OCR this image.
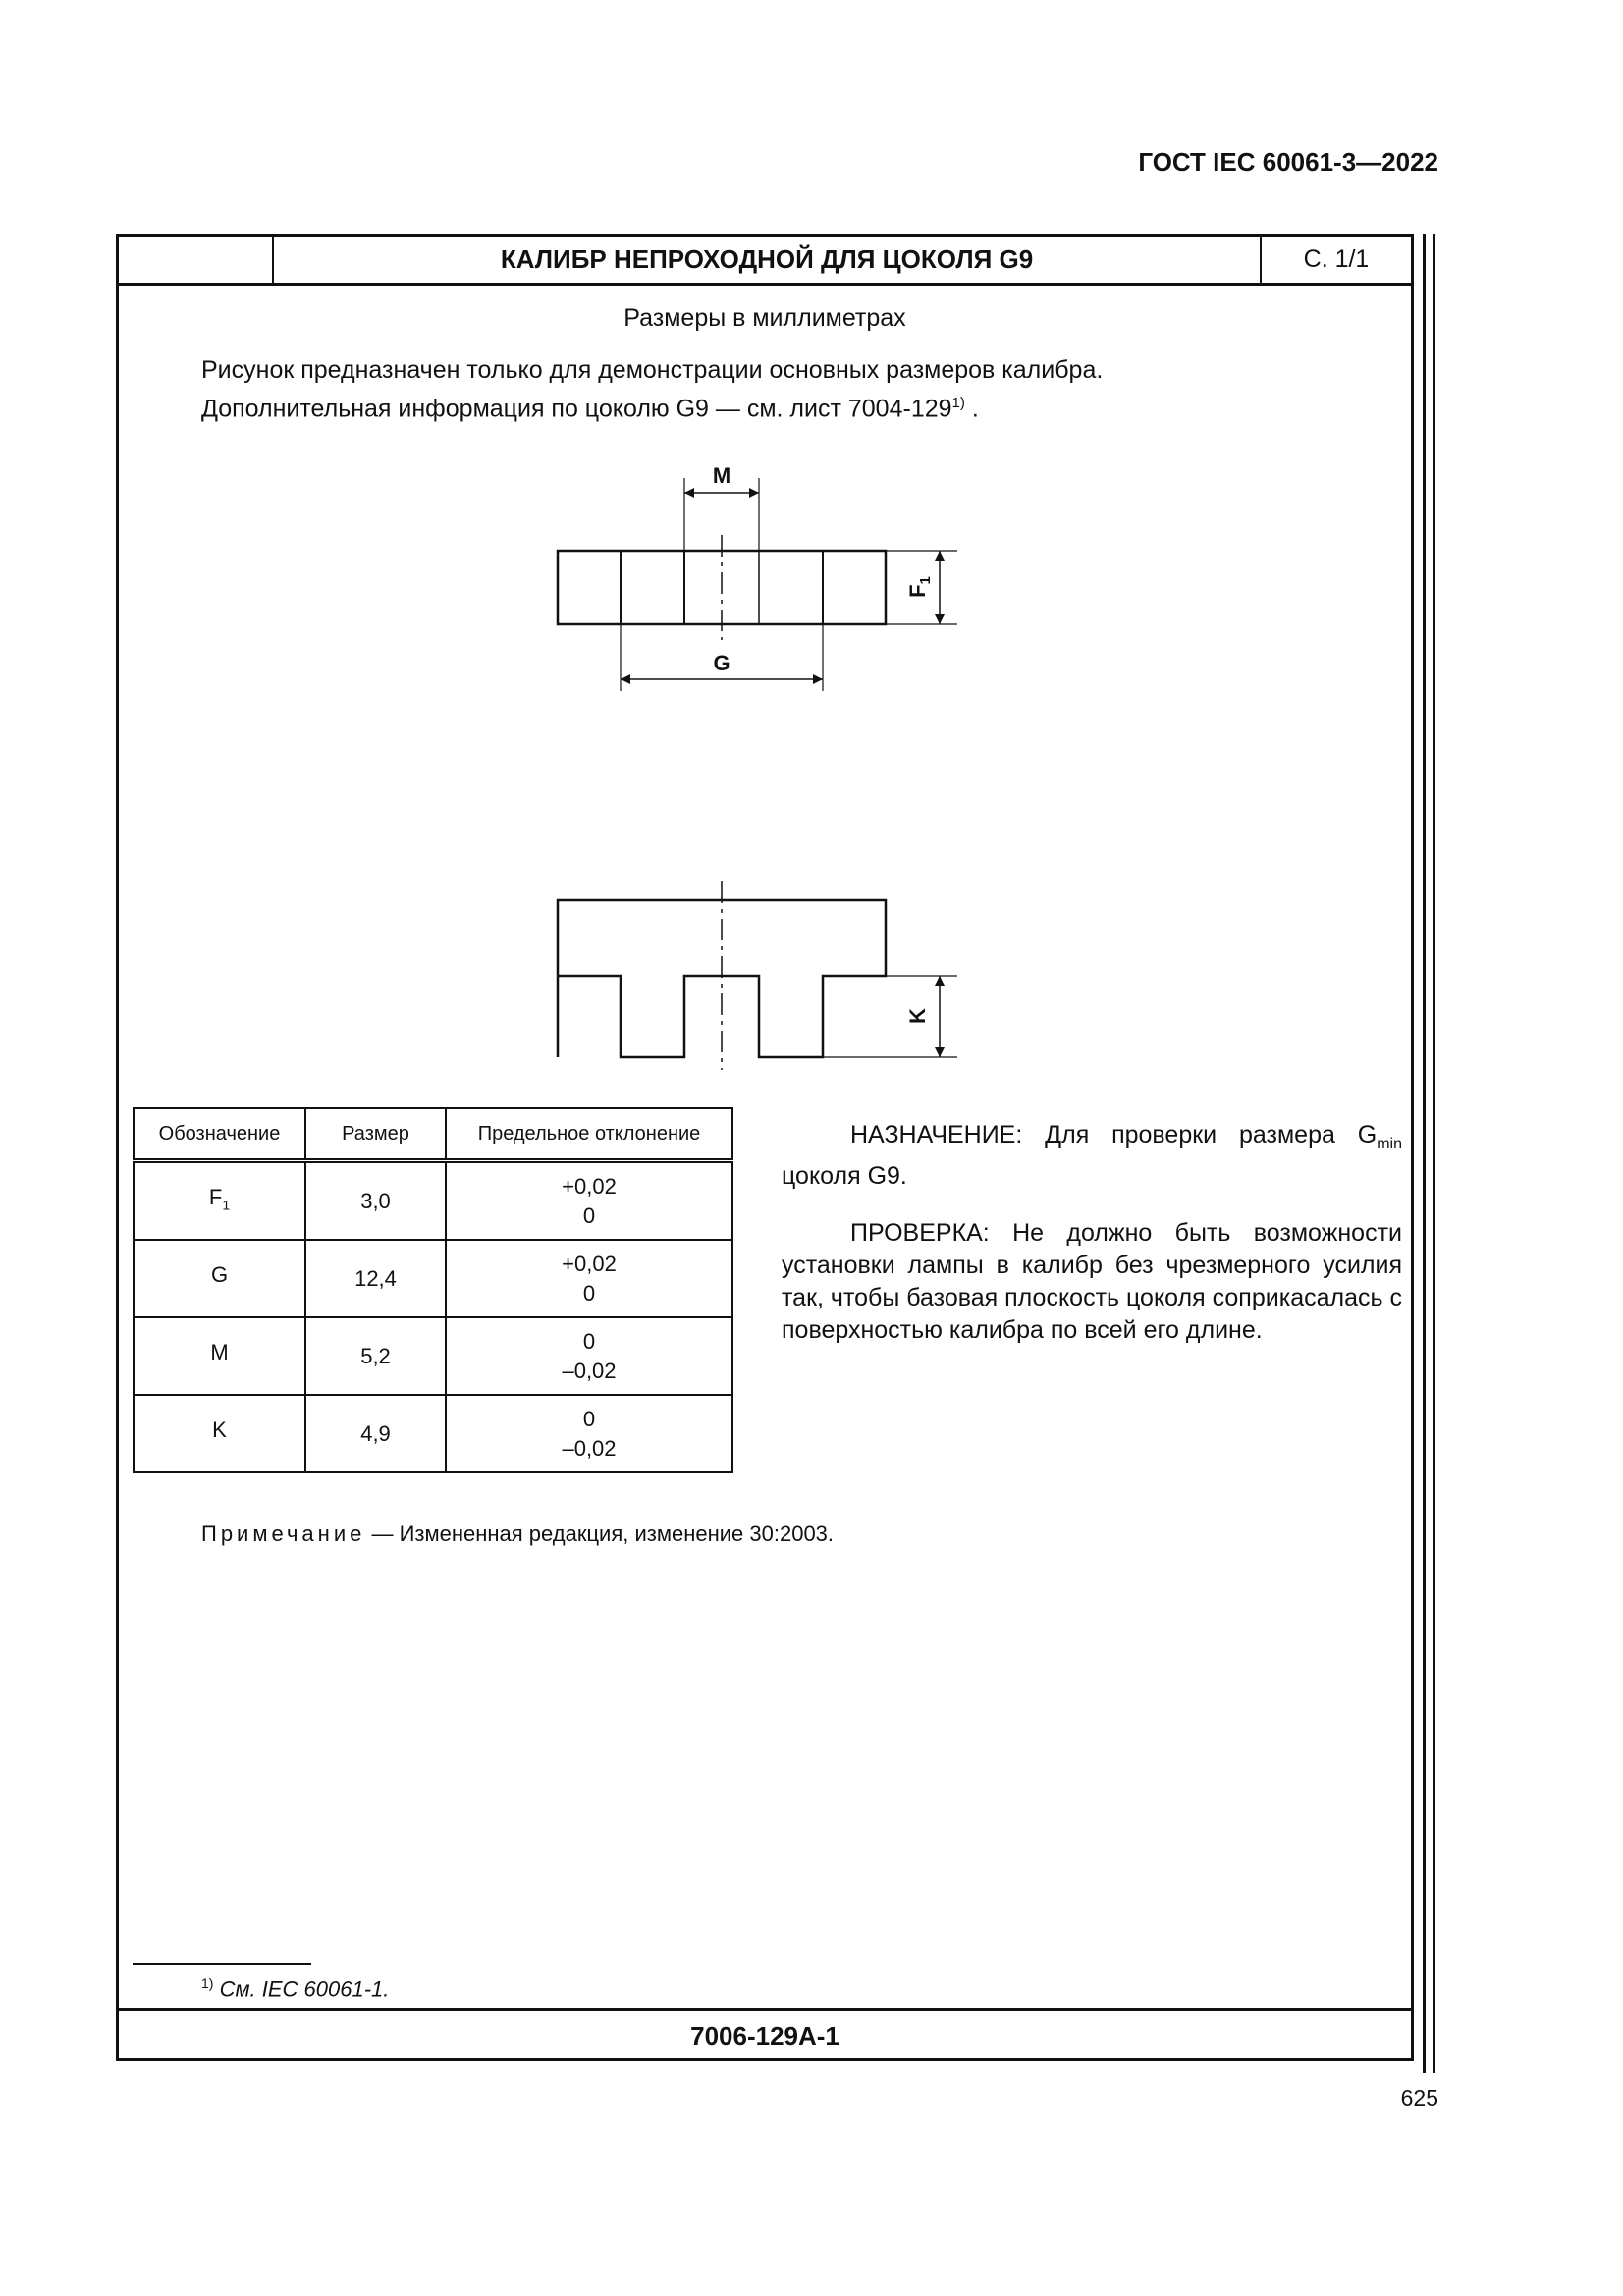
ГОСТ IEC 60061-3—2022
КАЛИБР НЕПРОХОДНОЙ ДЛЯ ЦОКОЛЯ G9	С. 1/1
Размеры в миллиметрах
Рисунок предназначен только для демонстрации основных размеров калибра.
Дополнительная информация по цоколю G9 — см. лист 7004-129$^{1)}$ .
M
G
$F_1$
K
Обозначение	Размер	Предельное отклонение
$F_1$	3,0	+0,02
0

G	12,4	+0,02
0

M	5,2	0
–0,02

K	4,9	0
–0,02
НАЗНАЧЕНИЕ: Для проверки размера $G_{min}$ цоколя G9.
ПРОВЕРКА: Не должно быть возможности установки лампы в калибр без чрезмерного усилия так, чтобы базовая плоскость цоколя соприкасалась с поверхностью калибра по всей его длине.
Примечание — Измененная редакция, изменение 30:2003.
$^{1)}$ См. IEC 60061-1.
7006-129А-1
625
